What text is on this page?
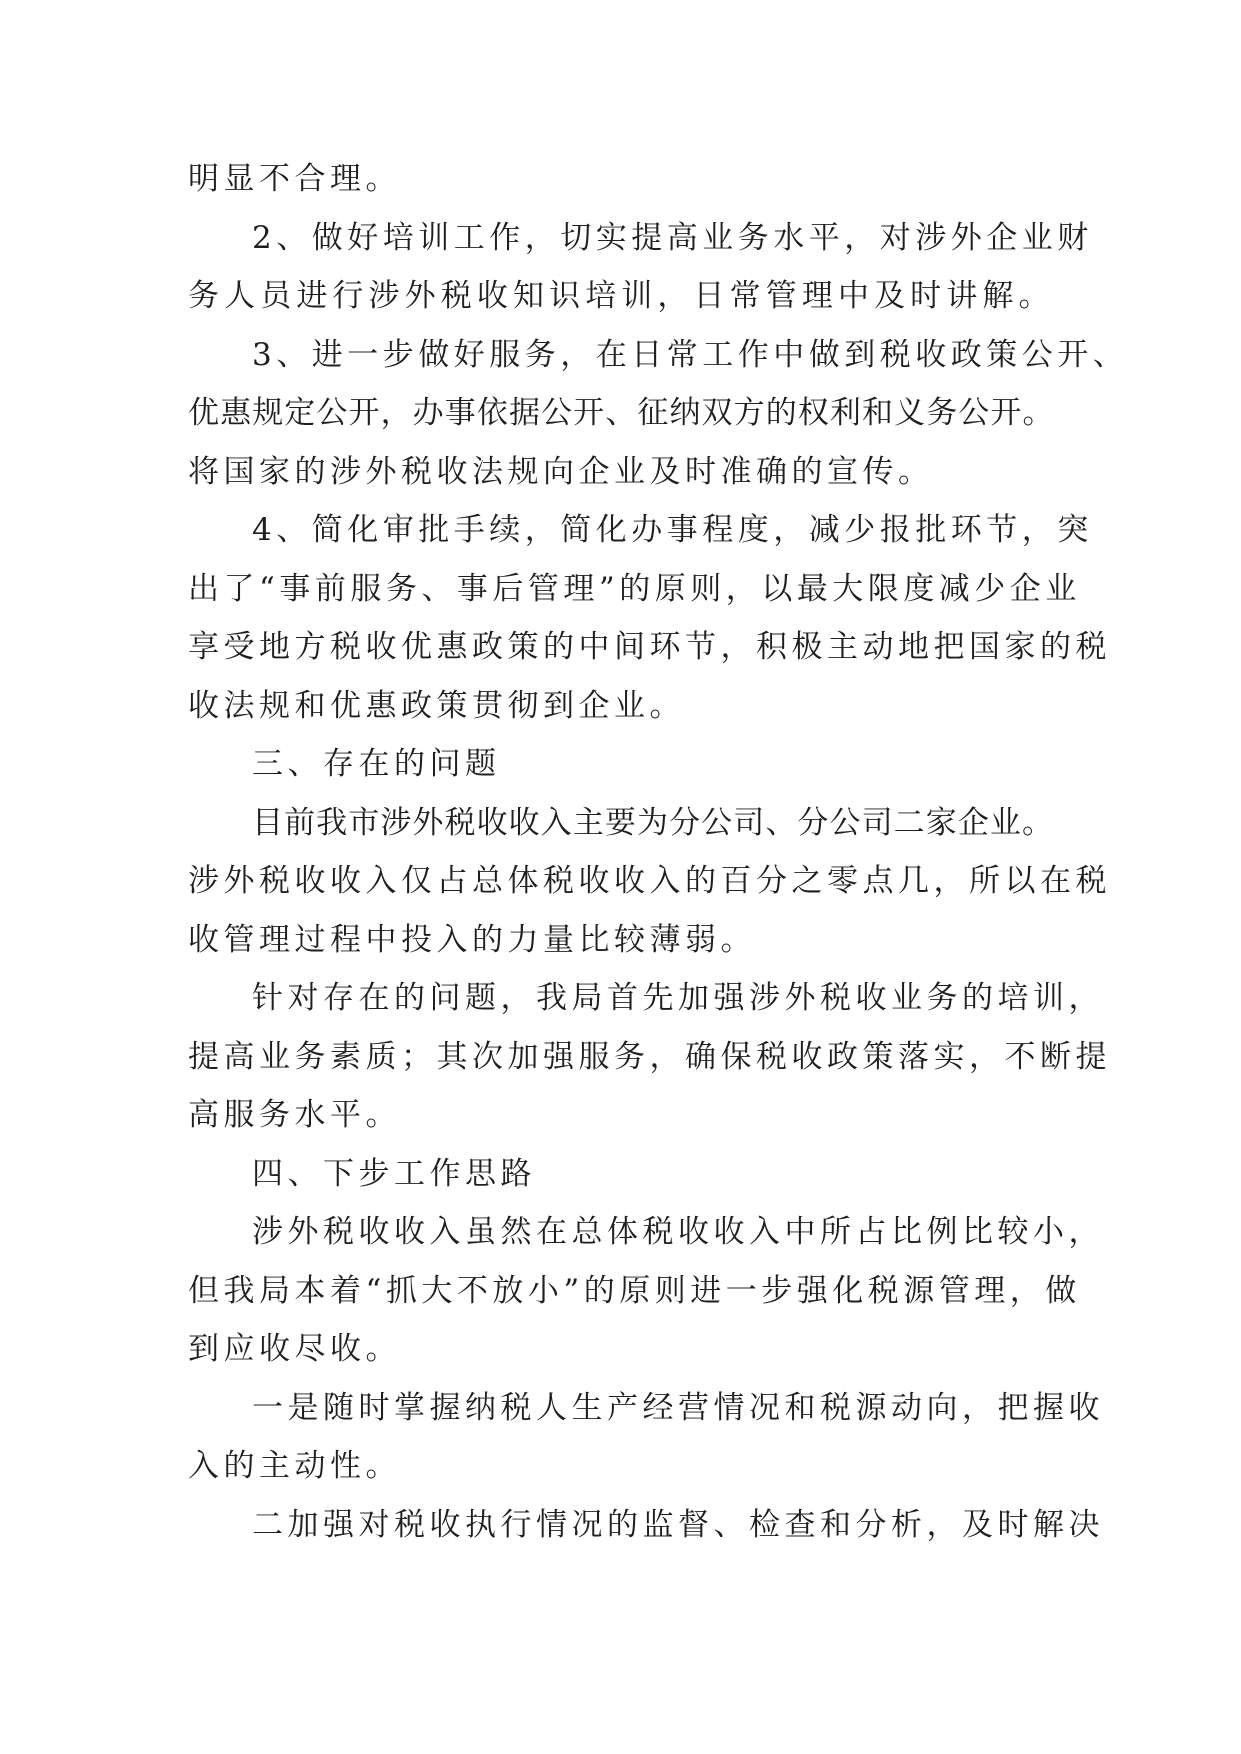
明显不合理。
2、做好培训工作，切实提高业务水平，对涉外企业财
务人员进行涉外税收知识培训，日常管理中及时讲解。
3、进一步做好服务，在日常工作中做到税收政策公开、
优惠规定公开，办事依据公开、征纳双方的权利和义务公开。
将国家的涉外税收法规向企业及时准确的宣传。
4、简化审批手续，简化办事程度，减少报批环节，突
出了“事前服务、事后管理”的原则，以最大限度减少企业
享受地方税收优惠政策的中间环节，积极主动地把国家的税
收法规和优惠政策贯彻到企业。
三、存在的问题
目前我市涉外税收收入主要为分公司、分公司二家企业。
涉外税收收入仅占总体税收收入的百分之零点几，所以在税
收管理过程中投入的力量比较薄弱。
针对存在的问题，我局首先加强涉外税收业务的培训，
提高业务素质；其次加强服务，确保税收政策落实，不断提
高服务水平。
四、下步工作思路
涉外税收收入虽然在总体税收收入中所占比例比较小，
但我局本着“抓大不放小”的原则进一步强化税源管理，做
到应收尽收。
一是随时掌握纳税人生产经营情况和税源动向，把握收
入的主动性。
二加强对税收执行情况的监督、检查和分析，及时解决
